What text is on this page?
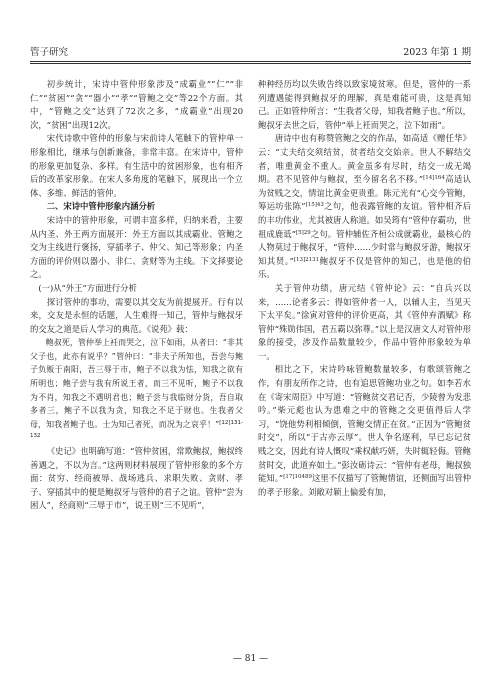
管子研究	2023 年第 1 期

初步统计，宋诗中管仲形象涉及“成霸业”“仁”“非仁”“贫困”“贪”“器小”“孝”“管鲍之交”等22个方面。其中，“管鲍之交”达到了72次之多，“成霸业”出现20次，“贫困”出现12次。

宋代诗歌中管仲的形象与宋前诗人笔触下的管仲单一形象相比，继承与创新兼备，非常丰富。在宋诗中，管仲的形象更加复杂、多样。有生活中的贫困形象，也有相齐后的改革家形象。在宋人多角度的笔触下，展现出一个立体、多维、鲜活的管仲。

二、宋诗中管仲形象内涵分析

宋诗中的管仲形象，可谓丰富多样，归纳来看，主要从内圣、外王两方面展开：外王方面以其成霸业、管鲍之交为主线进行褒扬，穿插孝子、仲父、知己等形象；内圣方面的评价则以器小、非仁、贪财等为主线。下文择要论之。

(一)从“外王”方面进行分析

探讨管仲的事功，需要以其交友为前提展开。行有以来，交友是永恒的话题，人生难得一知己，管仲与鲍叔牙的交友之道是后人学习的典范。《说苑》载：

鲍叔死，管仲举上衽而哭之，泣下如雨，从者曰：“非其父子也，此亦有说乎？”管仲曰：“非夫子所知也，吾尝与鲍子负贩于南阳，吾三辱于市，鲍子不以我为怯，知我之欲有所明也；鲍子尝与我有所说王者，而三不见听，鲍子不以我为不肖，知我之不遇明君也；鲍子尝与我临财分货，吾自取多者三，鲍子不以我为贪，知我之不足于财也。生我者父母，知我者鲍子也。士为知己者死，而况为之哀乎！”$^{[12]131-132}$

《史记》也明确写道：“管仲贫困，常欺鲍叔，鲍叔终善遇之，不以为言。”这两则材料展现了管仲形象的多个方面：贫穷、经商被辱、战场逃兵、求职失败、贪财、孝子、穿插其中的便是鲍叔牙与管仲的君子之谊。管仲“尝为困人”，经商则“三辱于市”，说王则“三不见听”，

种种经历均以失败告终以致家境贫寒。但是，管仲的一系列遭遇能得到鲍叔牙的理解，真是难能可贵，这是真知己。正如管仲所言：“生我者父母，知我者鲍子也。”所以，鲍叔牙去世之后，管仲“举上衽而哭之，泣下如雨”。

唐诗中也有称赞管鲍之交的作品，如高适《赠任华》云：“丈夫结交须结贫，贫者结交交始亲。世人不解结交者，唯重黄金不重人。黄金虽多有尽时，结交一成无竭期。君不见管仲与鲍叔，至今留名名不移。”$^{[14]164}$高适认为贫贱之交，情谊比黄金更贵重。陈元光有“心交今管鲍，筹运坊张陈”$^{[15]43}$之句，他表露管鲍的友谊。管仲相齐后的丰功伟业，尤其被唐人称道。如吴筠有“管仲存霸功，世祖成鹿诋”$^{[5]29}$之句。管仲辅佐齐桓公成就霸业，最核心的人物莫过于鲍叔牙，“管仲……少时常与鲍叔牙游，鲍叔牙知其贤。”$^{[13]2131}$鲍叔牙不仅是管仲的知己，也是他的伯乐。

关于管仲功绩，唐元结《管仲论》云：“自兵兴以来，……论者多云：得如管仲者一人，以辅人主，当见天下太平矣。”徐寅对管仲的评价更高，其《管仲弃酒赋》称管仲“殊勋伟国，君五霸以弥尊。”以上是汉唐文人对管仲形象的接受，涉及作品数量较少，作品中管仲形象较为单一。

相比之下，宋诗吟咏管鲍数量较多，有歌颂管鲍之作，有朋友所作之诗，也有追思管鲍功业之句。如李若水在《寄宋周臣》中写道：“管鲍贫交君记否，少陵曾为发悲吟。”柴元彪也认为患难之中的管鲍之交更值得后人学习，“饶他势利相倾倒，管鲍交情正在贫。”正因为“管鲍贫时交”，所以“于古亦云厚”。世人争名逐利，早已忘记贫贱之交，因此有诗人慨叹“乘权献巧妍，失时辄轻侮。管鲍贫时交，此道弃如土。”彭汝砺诗云：“管仲有老母，鲍叔独能知。”$^{[17]10489}$这里不仅描写了管鲍情谊，还侧面写出管仲的孝子形象。刘敞对颖上偏爱有加，

— 81 —
